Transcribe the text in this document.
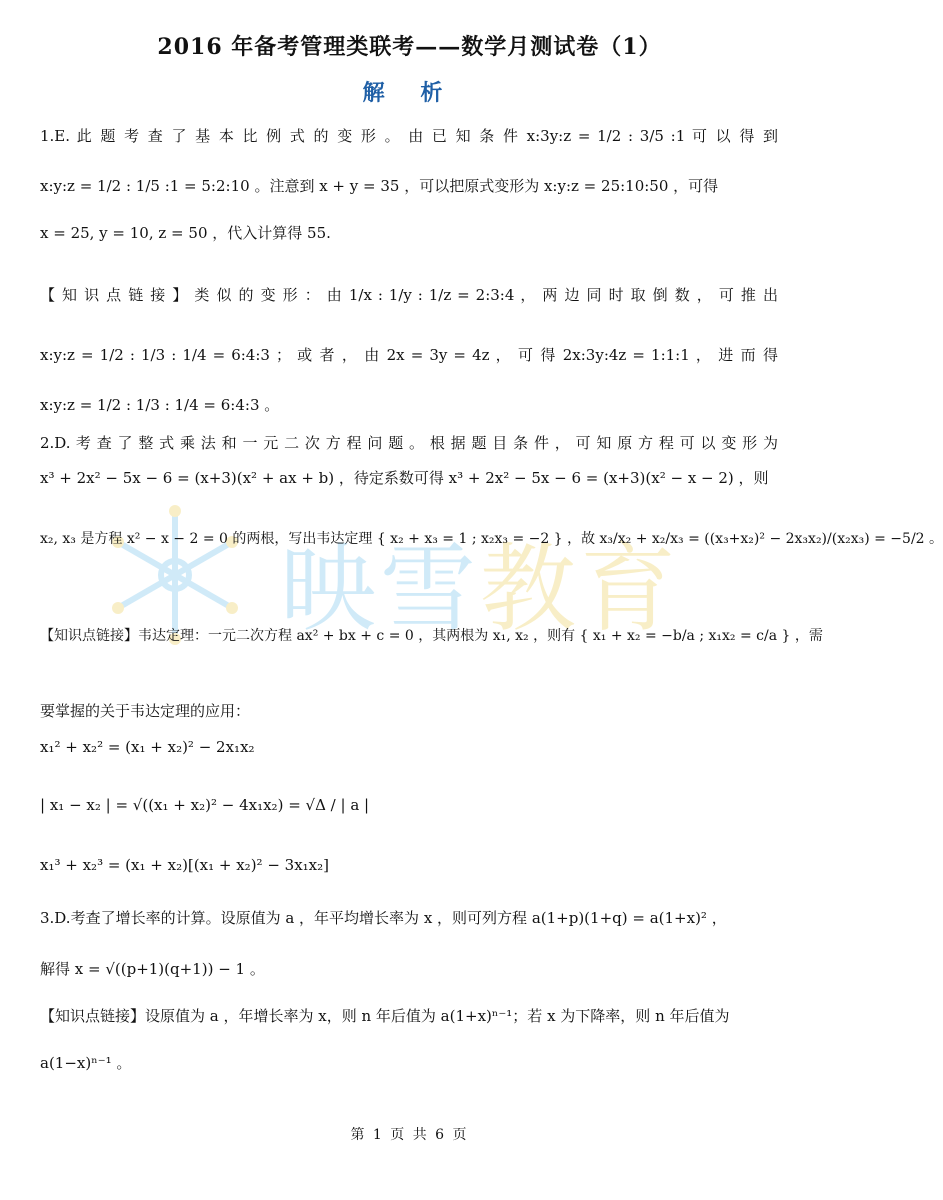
2016 年备考管理类联考——数学月测试卷（1）
解 析
映雪教育
1.E. 此 题 考 查 了 基 本 比 例 式 的 变 形 。 由 已 知 条 件 x:3y:z = 1/2 : 3/5 :1 可 以 得 到
x:y:z = 1/2 : 1/5 :1 = 5:2:10 。注意到 x + y = 35 ，可以把原式变形为 x:y:z = 25:10:50 ，可得
x = 25, y = 10, z = 50 ，代入计算得 55.
【 知 识 点 链 接 】 类 似 的 变 形 ： 由 1/x : 1/y : 1/z = 2:3:4 ， 两 边 同 时 取 倒 数 ， 可 推 出
x:y:z = 1/2 : 1/3 : 1/4 = 6:4:3 ； 或 者 ， 由 2x = 3y = 4z ， 可 得 2x:3y:4z = 1:1:1 ， 进 而 得
x:y:z = 1/2 : 1/3 : 1/4 = 6:4:3 。
2.D. 考 查 了 整 式 乘 法 和 一 元 二 次 方 程 问 题 。 根 据 题 目 条 件 ， 可 知 原 方 程 可 以 变 形 为
x³ + 2x² − 5x − 6 = (x+3)(x² + ax + b) ，待定系数可得 x³ + 2x² − 5x − 6 = (x+3)(x² − x − 2) ，则
x₂, x₃ 是方程 x² − x − 2 = 0 的两根，写出韦达定理 { x₂ + x₃ = 1 ; x₂x₃ = −2 } ，故 x₃/x₂ + x₂/x₃ = ((x₃+x₂)² − 2x₃x₂)/(x₂x₃) = −5/2 。
【知识点链接】韦达定理：一元二次方程 ax² + bx + c = 0 ，其两根为 x₁, x₂ ，则有 { x₁ + x₂ = −b/a ; x₁x₂ = c/a } ，需
要掌握的关于韦达定理的应用：
x₁² + x₂² = (x₁ + x₂)² − 2x₁x₂
| x₁ − x₂ | = √((x₁ + x₂)² − 4x₁x₂) = √Δ / | a |
x₁³ + x₂³ = (x₁ + x₂)[(x₁ + x₂)² − 3x₁x₂]
3.D.考查了增长率的计算。设原值为 a ，年平均增长率为 x ，则可列方程 a(1+p)(1+q) = a(1+x)² ，
解得 x = √((p+1)(q+1)) − 1 。
【知识点链接】设原值为 a ，年增长率为 x，则 n 年后值为 a(1+x)ⁿ⁻¹；若 x 为下降率，则 n 年后值为
a(1−x)ⁿ⁻¹ 。
第 1 页 共 6 页
